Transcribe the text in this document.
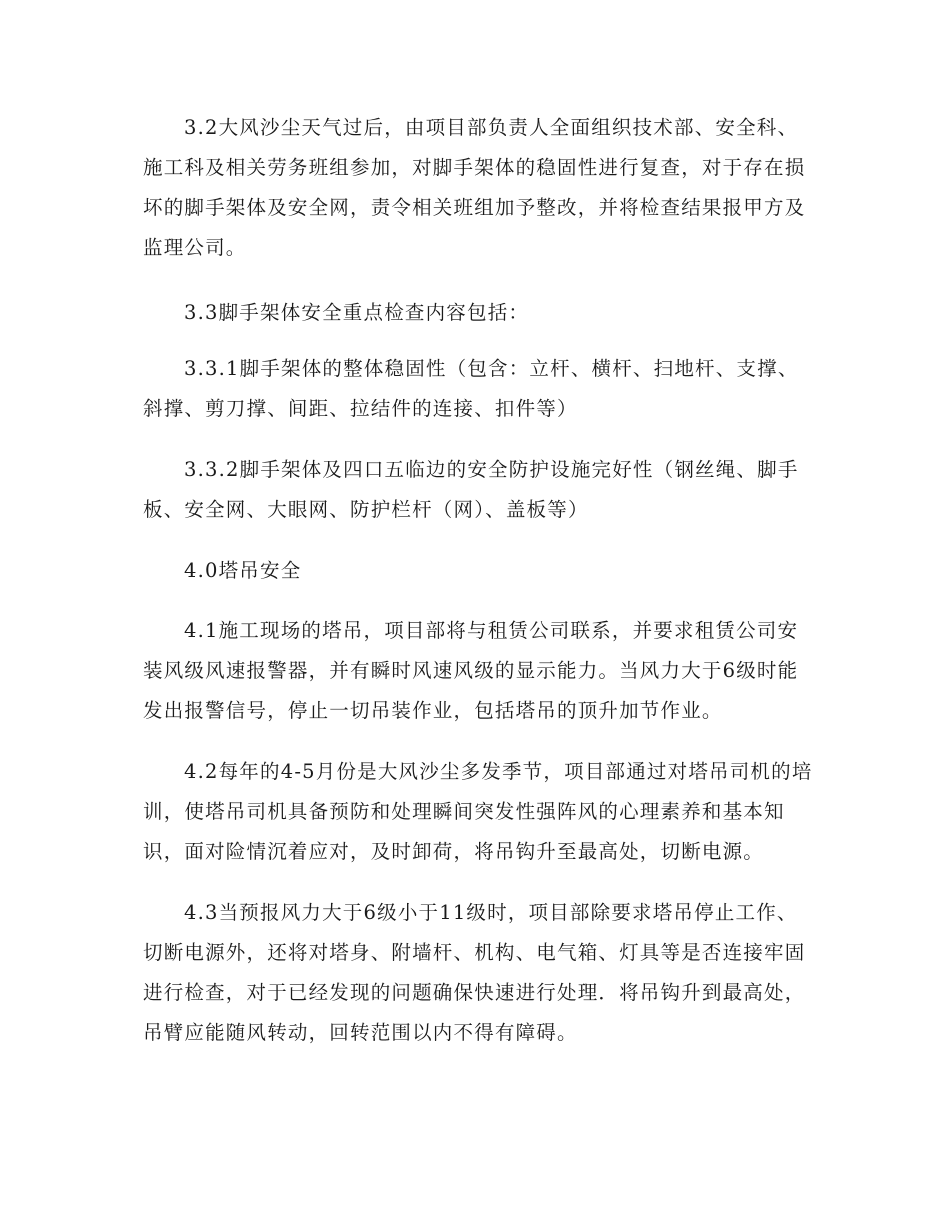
3.2大风沙尘天气过后，由项目部负责人全面组织技术部、安全科、施工科及相关劳务班组参加，对脚手架体的稳固性进行复查，对于存在损坏的脚手架体及安全网，责令相关班组加予整改，并将检查结果报甲方及监理公司。

3.3脚手架体安全重点检查内容包括：

3.3.1脚手架体的整体稳固性（包含：立杆、横杆、扫地杆、支撑、斜撑、剪刀撑、间距、拉结件的连接、扣件等）

3.3.2脚手架体及四口五临边的安全防护设施完好性（钢丝绳、脚手板、安全网、大眼网、防护栏杆（网）、盖板等）

4.0塔吊安全

4.1施工现场的塔吊，项目部将与租赁公司联系，并要求租赁公司安装风级风速报警器，并有瞬时风速风级的显示能力。当风力大于6级时能发出报警信号，停止一切吊装作业，包括塔吊的顶升加节作业。

4.2每年的4-5月份是大风沙尘多发季节，项目部通过对塔吊司机的培训，使塔吊司机具备预防和处理瞬间突发性强阵风的心理素养和基本知识，面对险情沉着应对，及时卸荷，将吊钩升至最高处，切断电源。

4.3当预报风力大于6级小于11级时，项目部除要求塔吊停止工作、切断电源外，还将对塔身、附墙杆、机构、电气箱、灯具等是否连接牢固进行检查，对于已经发现的问题确保快速进行处理．将吊钩升到最高处，吊臂应能随风转动，回转范围以内不得有障碍。
